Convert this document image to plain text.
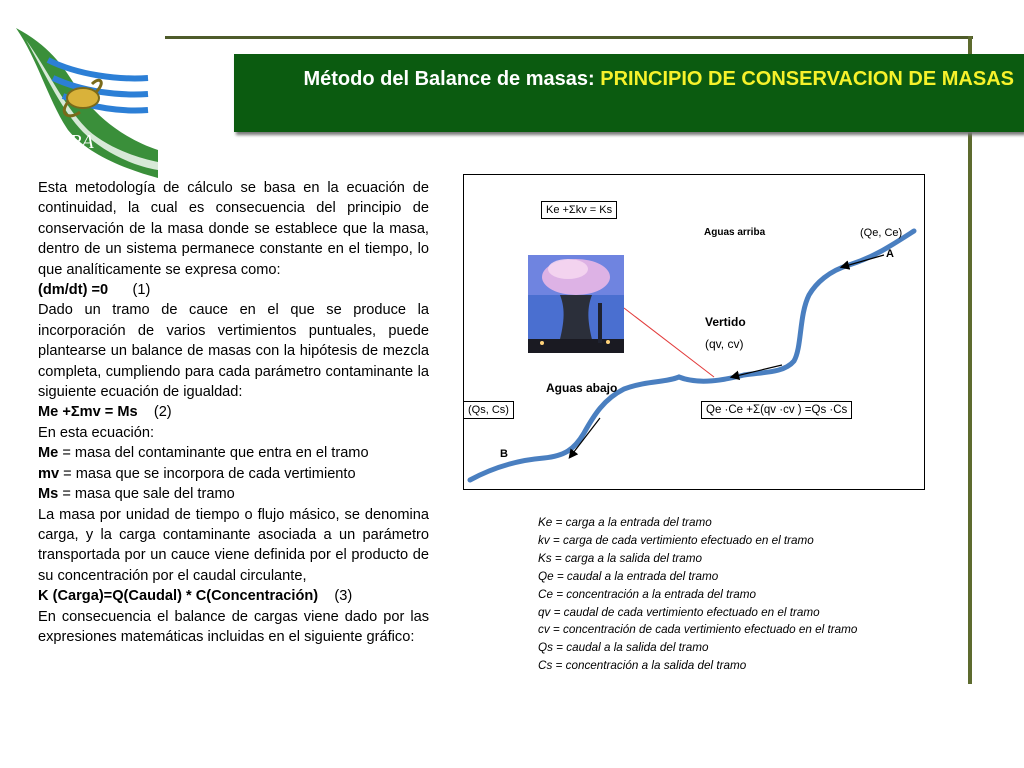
CRA
Método del Balance de masas: PRINCIPIO DE CONSERVACION DE MASAS

Esta metodología de cálculo se basa en la ecuación de continuidad, la cual es consecuencia del principio de conservación de la masa donde se establece que la masa, dentro de un sistema permanece constante en el tiempo, lo que analíticamente se expresa como:

(dm/dt) =0 (1)

Dado un tramo de cauce en el que se produce la incorporación de varios vertimientos puntuales, puede plantearse un balance de masas con la hipótesis de mezcla completa, cumpliendo para cada parámetro contaminante la siguiente ecuación de igualdad:

Me +Σmv = Ms (2)

En esta ecuación:

Me = masa del contaminante que entra en el tramo

mv = masa que se incorpora de cada vertimiento

Ms = masa que sale del tramo

La masa por unidad de tiempo o flujo másico, se denomina carga, y la carga contaminante asociada a un parámetro transportada por un cauce viene definida por el producto de su concentración por el caudal circulante,

K (Carga)=Q(Caudal) * C(Concentración) (3)

En consecuencia el balance de cargas viene dado por las expresiones matemáticas incluidas en el siguiente gráfico:

Ke +Σkv = Ks
Aguas arriba	(Qe, Ce)
A
Vertido
(qv, cv)
Aguas abajo
(Qs, Cs)	Qe ·Ce +Σ(qv ·cv ) =Qs ·Cs
B

Ke = carga a la entrada del tramo

kv = carga de cada vertimiento efectuado en el tramo

Ks = carga a la salida del tramo

Qe = caudal a la entrada del tramo

Ce = concentración a la entrada del tramo

qv = caudal de cada vertimiento efectuado en el tramo

cv = concentración de cada vertimiento efectuado en el tramo

Qs = caudal a la salida del tramo

Cs = concentración a la salida del tramo
